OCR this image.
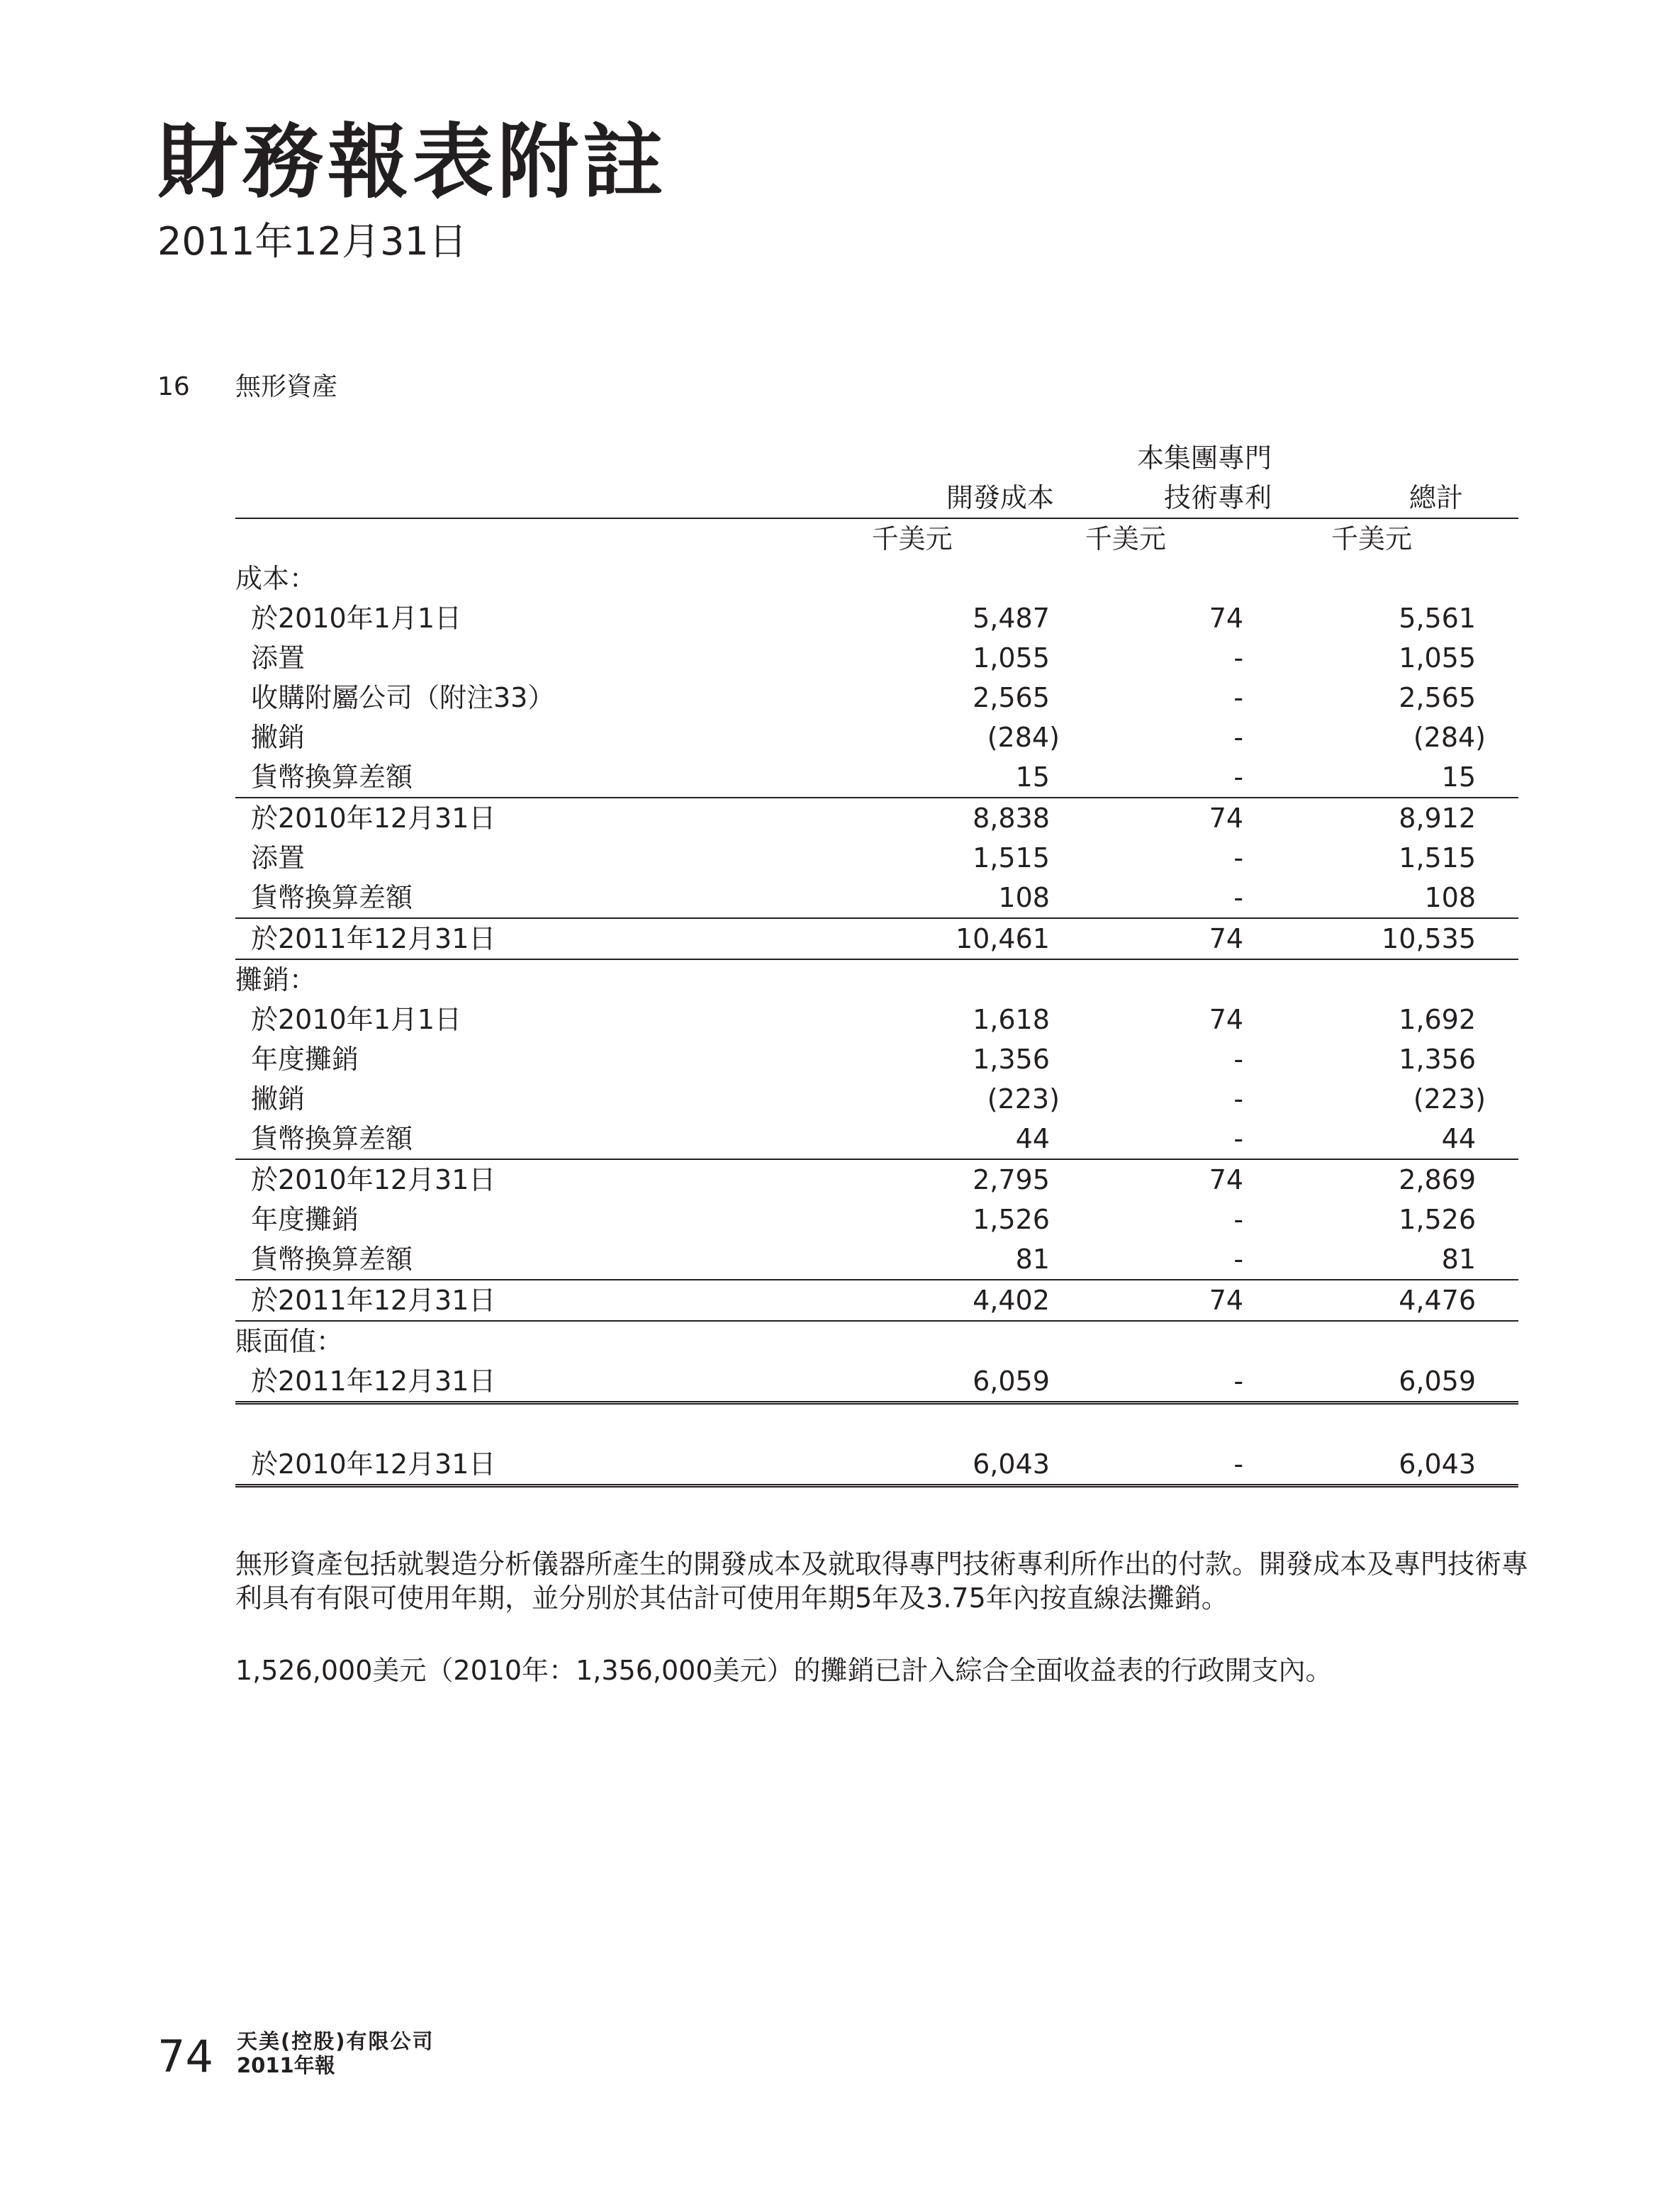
財務報表附註
2011年12月31日
16 無形資產
		本集團專門	
	開發成本	技術專利	總計
	千美元	千美元	千美元
成本：			
於2010年1月1日	5,487	74	5,561
添置	1,055	-	1,055
收購附屬公司（附注33）	2,565	-	2,565
撇銷	(284)	-	(284)
貨幣換算差額	15	-	15
於2010年12月31日	8,838	74	8,912
添置	1,515	-	1,515
貨幣換算差額	108	-	108
於2011年12月31日	10,461	74	10,535
攤銷：			
於2010年1月1日	1,618	74	1,692
年度攤銷	1,356	-	1,356
撇銷	(223)	-	(223)
貨幣換算差額	44	-	44
於2010年12月31日	2,795	74	2,869
年度攤銷	1,526	-	1,526
貨幣換算差額	81	-	81
於2011年12月31日	4,402	74	4,476
賬面值：			
於2011年12月31日	6,059	-	6,059

於2010年12月31日	6,043	-	6,043
無形資產包括就製造分析儀器所產生的開發成本及就取得專門技術專利所作出的付款。開發成本及專門技術專利具有有限可使用年期，並分別於其估計可使用年期5年及3.75年內按直線法攤銷。
1,526,000美元（2010年：1,356,000美元）的攤銷已計入綜合全面收益表的行政開支內。
74 天美(控股)有限公司
2011年報
